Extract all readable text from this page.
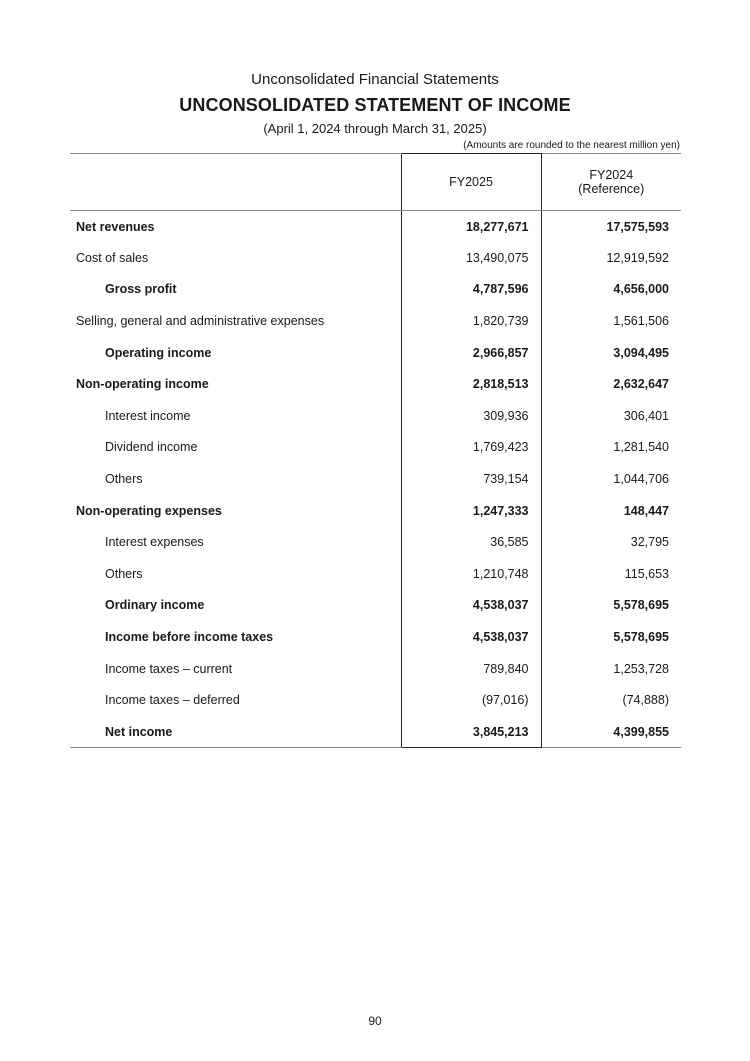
Unconsolidated Financial Statements
UNCONSOLIDATED STATEMENT OF INCOME
(April 1, 2024 through March 31, 2025)
(Amounts are rounded to the nearest million yen)

	FY2025	FY2024
(Reference)

Net revenues	18,277,671	17,575,593
Cost of sales	13,490,075	12,919,592
Gross profit	4,787,596	4,656,000
Selling, general and administrative expenses	1,820,739	1,561,506
Operating income	2,966,857	3,094,495
Non-operating income	2,818,513	2,632,647
Interest income	309,936	306,401
Dividend income	1,769,423	1,281,540
Others	739,154	1,044,706
Non-operating expenses	1,247,333	148,447
Interest expenses	36,585	32,795
Others	1,210,748	115,653
Ordinary income	4,538,037	5,578,695
Income before income taxes	4,538,037	5,578,695
Income taxes – current	789,840	1,253,728
Income taxes – deferred	(97,016)	(74,888)
Net income	3,845,213	4,399,855
90
